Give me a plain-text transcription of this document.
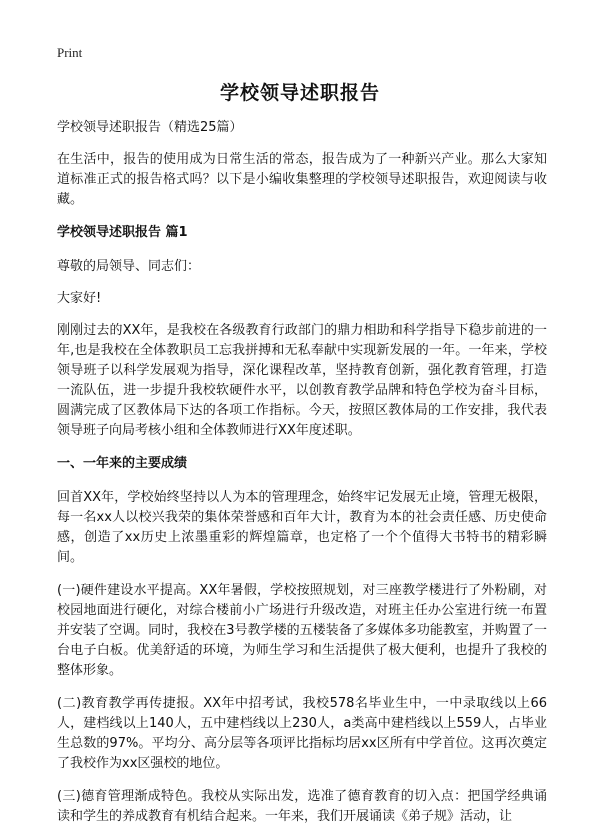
Print
学校领导述职报告

学校领导述职报告（精选25篇）

在生活中，报告的使用成为日常生活的常态，报告成为了一种新兴产业。那么大家知道标准正式的报告格式吗？以下是小编收集整理的学校领导述职报告，欢迎阅读与收藏。

学校领导述职报告 篇1

尊敬的局领导、同志们：

大家好!

刚刚过去的XX年，是我校在各级教育行政部门的鼎力相助和科学指导下稳步前进的一年,也是我校在全体教职员工忘我拼搏和无私奉献中实现新发展的一年。一年来，学校领导班子以科学发展观为指导，深化课程改革，坚持教育创新，强化教育管理，打造一流队伍，进一步提升我校软硬件水平，以创教育教学品牌和特色学校为奋斗目标，圆满完成了区教体局下达的各项工作指标。今天，按照区教体局的工作安排，我代表领导班子向局考核小组和全体教师进行XX年度述职。

一、一年来的主要成绩

回首XX年，学校始终坚持以人为本的管理理念，始终牢记发展无止境，管理无极限，每一名xx人以校兴我荣的集体荣誉感和百年大计，教育为本的社会责任感、历史使命感，创造了xx历史上浓墨重彩的辉煌篇章，也定格了一个个值得大书特书的精彩瞬间。

(一)硬件建设水平提高。XX年暑假，学校按照规划，对三座教学楼进行了外粉刷，对校园地面进行硬化，对综合楼前小广场进行升级改造，对班主任办公室进行统一布置并安装了空调。同时，我校在3号教学楼的五楼装备了多媒体多功能教室，并购置了一台电子白板。优美舒适的环境，为师生学习和生活提供了极大便利，也提升了我校的整体形象。

(二)教育教学再传捷报。XX年中招考试，我校578名毕业生中，一中录取线以上66人，建档线以上140人，五中建档线以上230人，a类高中建档线以上559人，占毕业生总数的97%。平均分、高分层等各项评比指标均居xx区所有中学首位。这再次奠定了我校作为xx区强校的地位。

(三)德育管理渐成特色。我校从实际出发，选准了德育教育的切入点：把国学经典诵读和学生的养成教育有机结合起来。一年来，我们开展诵读《弟子规》活动，让
